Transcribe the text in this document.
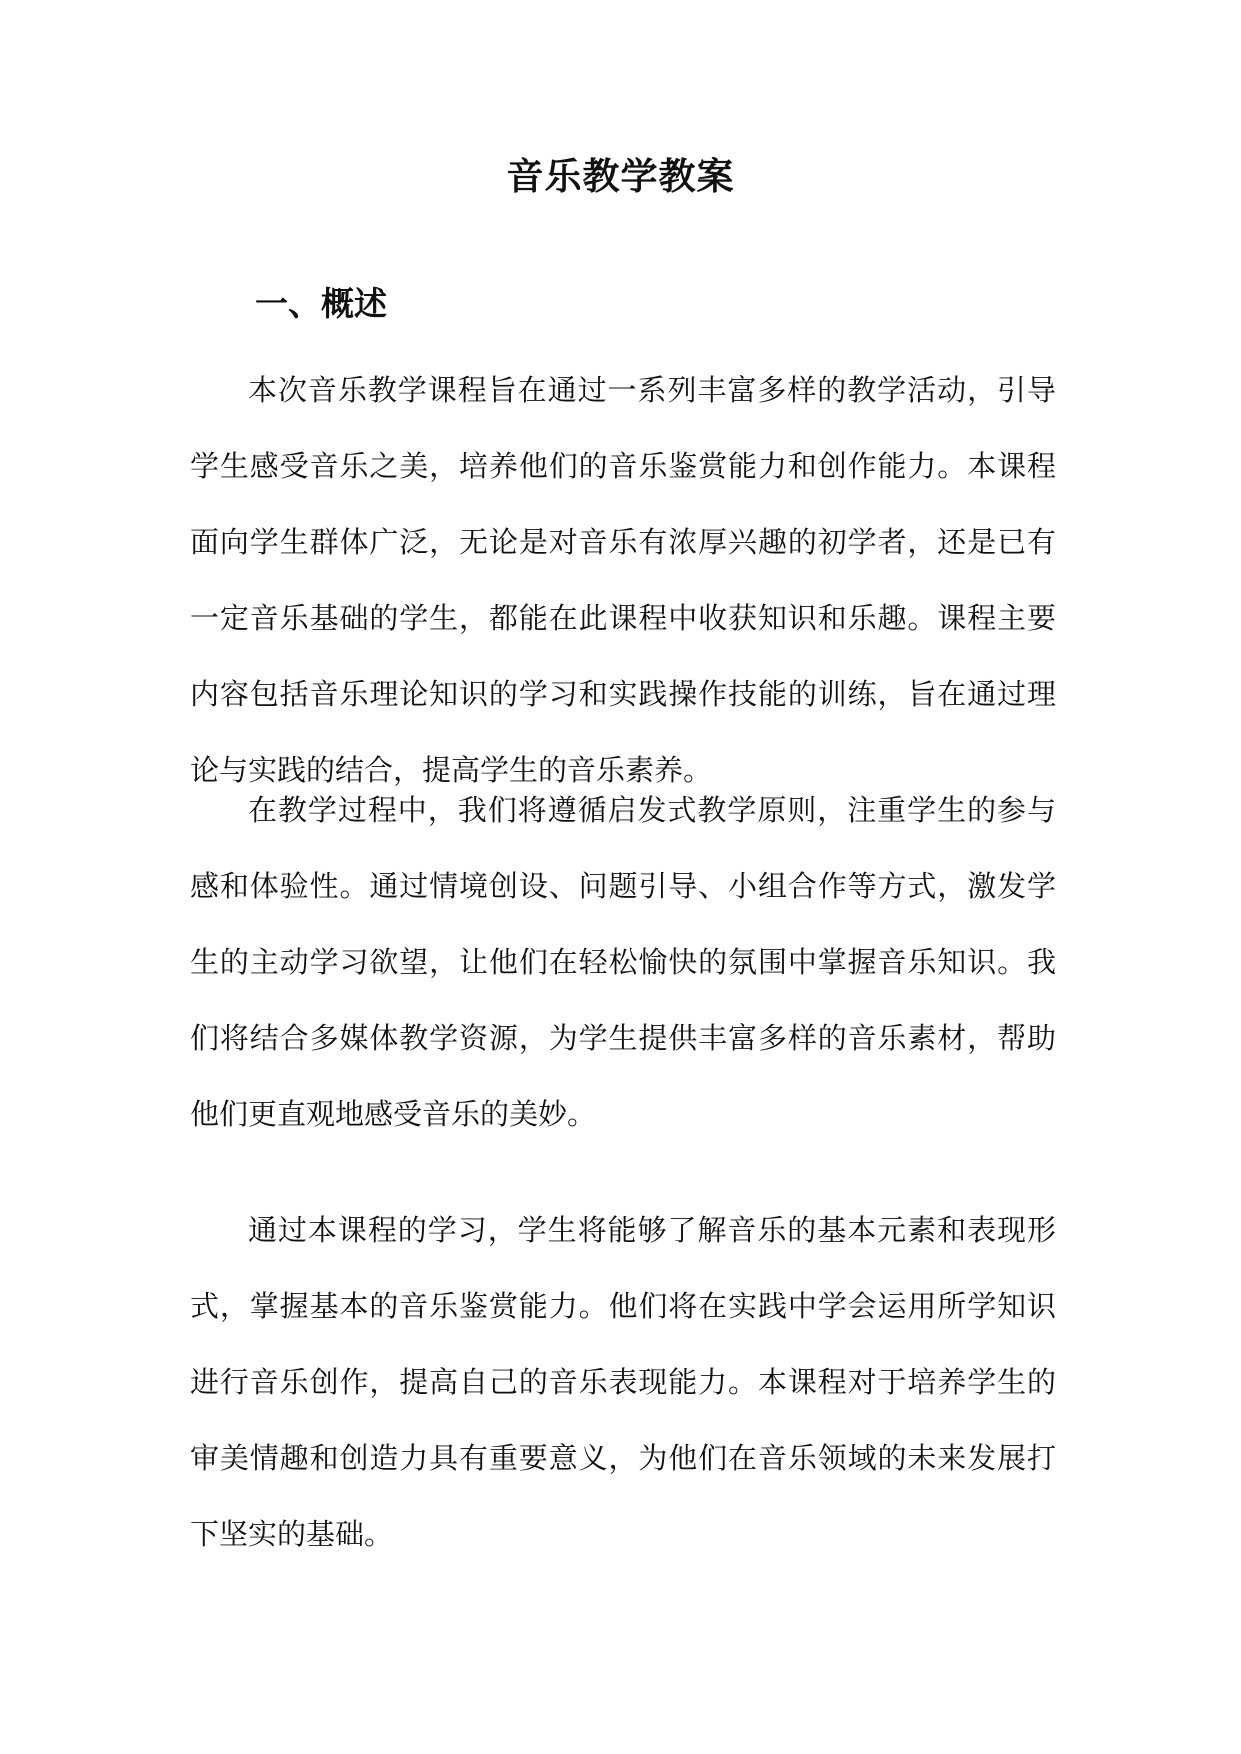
音乐教学教案
一、概述

本次音乐教学课程旨在通过一系列丰富多样的教学活动，引导学生感受音乐之美，培养他们的音乐鉴赏能力和创作能力。本课程面向学生群体广泛，无论是对音乐有浓厚兴趣的初学者，还是已有一定音乐基础的学生，都能在此课程中收获知识和乐趣。课程主要内容包括音乐理论知识的学习和实践操作技能的训练，旨在通过理论与实践的结合，提高学生的音乐素养。

在教学过程中，我们将遵循启发式教学原则，注重学生的参与感和体验性。通过情境创设、问题引导、小组合作等方式，激发学生的主动学习欲望，让他们在轻松愉快的氛围中掌握音乐知识。我们将结合多媒体教学资源，为学生提供丰富多样的音乐素材，帮助他们更直观地感受音乐的美妙。

通过本课程的学习，学生将能够了解音乐的基本元素和表现形式，掌握基本的音乐鉴赏能力。他们将在实践中学会运用所学知识进行音乐创作，提高自己的音乐表现能力。本课程对于培养学生的审美情趣和创造力具有重要意义，为他们在音乐领域的未来发展打下坚实的基础。
